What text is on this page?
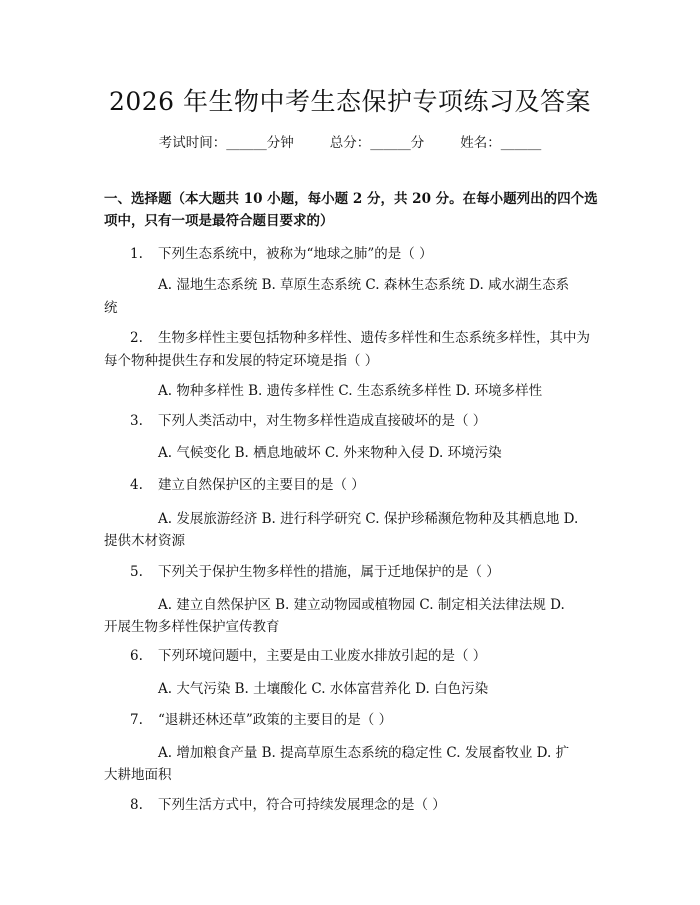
2026 年生物中考生态保护专项练习及答案
考试时间：______分钟	总分：______分	姓名：______
一、选择题（本大题共 10 小题，每小题 2 分，共 20 分。在每小题列出的四个选
项中，只有一项是最符合题目要求的）
1. 下列生态系统中，被称为“地球之肺”的是（ ）
A. 湿地生态系统 B. 草原生态系统 C. 森林生态系统 D. 咸水湖生态系
统
2. 生物多样性主要包括物种多样性、遗传多样性和生态系统多样性，其中为
每个物种提供生存和发展的特定环境是指（ ）
A. 物种多样性 B. 遗传多样性 C. 生态系统多样性 D. 环境多样性
3. 下列人类活动中，对生物多样性造成直接破坏的是（ ）
A. 气候变化 B. 栖息地破坏 C. 外来物种入侵 D. 环境污染
4. 建立自然保护区的主要目的是（ ）
A. 发展旅游经济 B. 进行科学研究 C. 保护珍稀濒危物种及其栖息地 D.
提供木材资源
5. 下列关于保护生物多样性的措施，属于迁地保护的是（ ）
A. 建立自然保护区 B. 建立动物园或植物园 C. 制定相关法律法规 D.
开展生物多样性保护宣传教育
6. 下列环境问题中，主要是由工业废水排放引起的是（ ）
A. 大气污染 B. 土壤酸化 C. 水体富营养化 D. 白色污染
7. “退耕还林还草”政策的主要目的是（ ）
A. 增加粮食产量 B. 提高草原生态系统的稳定性 C. 发展畜牧业 D. 扩
大耕地面积
8. 下列生活方式中，符合可持续发展理念的是（ ）
